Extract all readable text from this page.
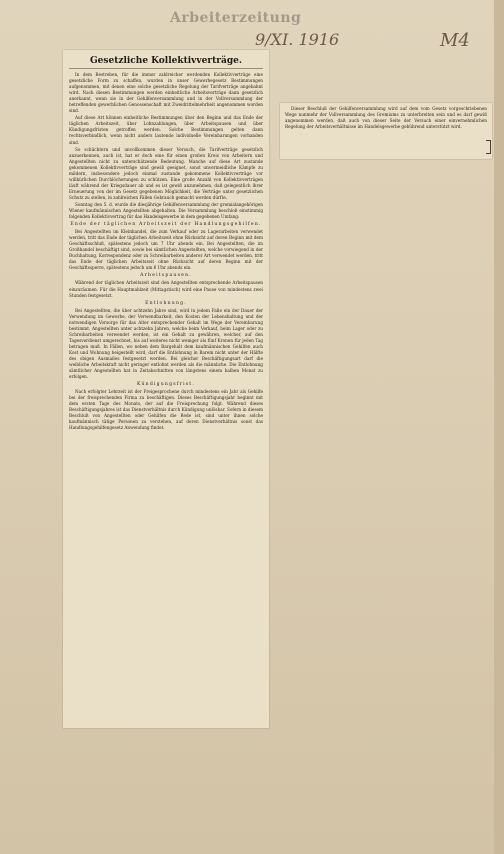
Arbeiterzeitung
9/XI. 1916	M4
Gesetzliche Kollektivverträge.

In dem Bestreben, für die immer zahlreicher werdenden Kollektivverträge eine gesetzliche Form zu schaffen, wurden in unser Gewerbegesetz Bestimmungen aufgenommen, mit denen eine solche gesetzliche Regelung der Tarifverträge angebahnt wird. Nach diesen Bestimmungen werden einheitliche Arbeitsverträge dann gesetzlich anerkannt, wenn sie in der Gehilfenversammlung und in der Vollversammlung der betreffenden gewerblichen Genossenschaft mit Zweidrittelmehrheit angenommen worden sind.

Auf diese Art können einheitliche Bestimmungen über den Beginn und das Ende der täglichen Arbeitszeit, über Lohnzahlungen, über Arbeitspausen und über Kündigungsfristen getroffen werden. Solche Bestimmungen gelten dann rechtsverbindlich, wenn nicht anders lautende individuelle Vereinbarungen vorhanden sind.

So schüchtern und unvollkommen dieser Versuch, die Tarifverträge gesetzlich anzuerkennen, auch ist, hat er doch eine für einen großen Kreis von Arbeitern und Angestellten nicht zu unterschätzende Bedeutung. Manche auf diese Art zustande gekommenen Kollektivverträge sind gewiß geeignet, sonst unvermeidliche Kämpfe zu mildern, insbesondere jedoch einmal zustande gekommene Kollektivverträge vor willkürlichen Durchlöcherungen zu schützen. Eine große Anzahl von Kollektivverträgen läuft während der Kriegsdauer ab und es ist gewiß anzunehmen, daß gelegentlich ihrer Erneuerung von der im Gesetz gegebenen Möglichkeit, die Verträge unter gesetzlichen Schutz zu stellen, in zahlreichen Fällen Gebrauch gemacht werden dürfte.

Sonntag den 5. d. wurde die diesjährige Gehilfenversammlung der gremialangehörigen Wiener kaufmännischen Angestellten abgehalten. Die Versammlung beschloß einstimmig folgenden Kollektivvertrag für das Handelsgewerbe in dem gegebenen Umfang:

Ende der täglichen Arbeitszeit der Handlungsgehilfen.

Bei Angestellten im Kleinhandel, die zum Verkauf oder zu Lagerarbeiten verwendet werden, tritt das Ende der täglichen Arbeitszeit ohne Rücksicht auf deren Beginn mit dem Geschäftsschluß, spätestens jedoch um 7 Uhr abends ein. Bei Angestellten, die im Großhandel beschäftigt sind, sowie bei sämtlichen Angestellten, welche vorwiegend in der Buchhaltung, Korrespondenz oder zu Schreibarbeiten anderer Art verwendet werden, tritt das Ende der täglichen Arbeitszeit ohne Rücksicht auf deren Beginn mit der Geschäftssperre, spätestens jedoch um 6 Uhr abends ein.

Arbeitspausen.

Während der täglichen Arbeitszeit sind den Angestellten entsprechende Arbeitspausen einzuräumen. Für die Hauptmahlzeit (Mittagstisch) wird eine Pause von mindestens zwei Stunden festgesetzt.

Entlohnung.

Bei Angestellten, die über achtzehn Jahre sind, wird in jedem Falle ein der Dauer der Verwendung im Gewerbe, der Verwendbarkeit, den Kosten der Lebenshaltung und der notwendigen Vorsorge für das Alter entsprechender Gehalt im Wege der Vereinbarung bestimmt. Angestellten unter achtzehn Jahren, welche beim Verkauf, beim Lager oder zu Schreibarbeiten verwendet werden, ist ein Gehalt zu gewähren, welcher, auf den Tagesverdienst umgerechnet, bis auf weiteres nicht weniger als fünf Kronen für jeden Tag betragen muß. In Fällen, wo neben dem Bargehalt dem kaufmännischen Gehilfen auch Kost und Wohnung beigestellt wird, darf die Entlohnung in Barem nicht unter der Hälfte des obigen Ausmaßes festgesetzt werden. Bei gleicher Beschäftigungsart darf die weibliche Arbeitskraft nicht geringer entlohnt werden als die männliche. Die Entlohnung sämtlicher Angestellten hat in Zeitabschnitten von längstens einem halben Monat zu erfolgen.

Kündigungsfrist.

Nach erfolgter Lehrzeit ist der Freigesprochene durch mindestens ein Jahr als Gehilfe bei der freisprechenden Firma zu beschäftigen. Dieses Beschäftigungsjahr beginnt mit dem ersten Tage des Monats, der auf die Freisprechung folgt. Während dieses Beschäftigungsjahres ist das Dienstverhältnis durch Kündigung unlösbar. Sofern in diesem Beschluß von Angestellten oder Gehilfen die Rede ist, sind unter ihnen solche kaufmännisch tätige Personen zu verstehen, auf deren Dienstverhältnis sonst das Handlungsgehilfengesetz Anwendung findet.

Dieser Beschluß der Gehilfenversammlung wird auf dem vom Gesetz vorgeschriebenen Wege nunmehr der Vollversammlung des Gremiums zu unterbreiten sein und es darf gewiß angenommen werden, daß auch von dieser Seite der Versuch einer einvernehmlichen Regelung der Arbeitsverhältnisse im Handelsgewerbe gebührend unterstützt wird.
